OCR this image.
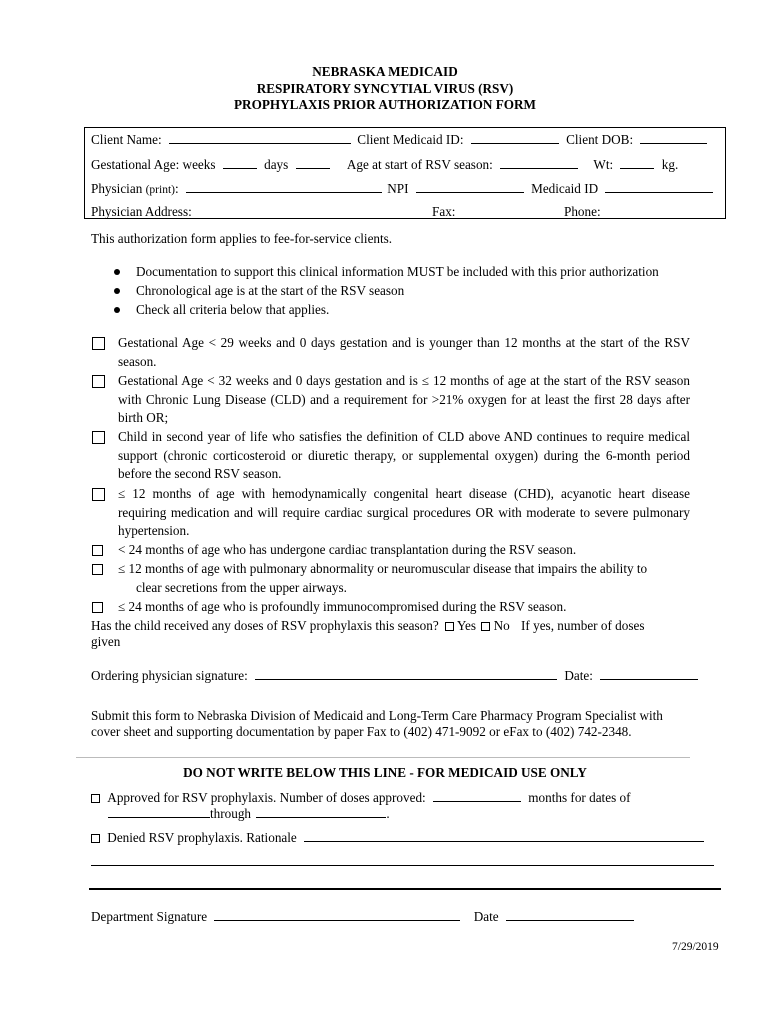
NEBRASKA MEDICAID
RESPIRATORY SYNCYTIAL VIRUS (RSV)
PROPHYLAXIS PRIOR AUTHORIZATION FORM
Client Name:	Client Medicaid ID:	Client DOB:
Gestational Age: weeks	days	Age at start of RSV season:	Wt:	kg.
Physician (print):	NPI	Medicaid ID
Physician Address:	Fax:	Phone:
This authorization form applies to fee-for-service clients.
Documentation to support this clinical information MUST be included with this prior authorization
Chronological age is at the start of the RSV season
Check all criteria below that applies.
Gestational Age < 29 weeks and 0 days gestation and is younger than 12 months at the start of the RSV season.
Gestational Age < 32 weeks and 0 days gestation and is ≤ 12 months of age at the start of the RSV season with Chronic Lung Disease (CLD) and a requirement for >21% oxygen for at least the first 28 days after birth OR;
Child in second year of life who satisfies the definition of CLD above AND continues to require medical support (chronic corticosteroid or diuretic therapy, or supplemental oxygen) during the 6-month period before the second RSV season.
≤ 12 months of age with hemodynamically congenital heart disease (CHD), acyanotic heart disease requiring medication and will require cardiac surgical procedures OR with moderate to severe pulmonary hypertension.
< 24 months of age who has undergone cardiac transplantation during the RSV season.
≤ 12 months of age with pulmonary abnormality or neuromuscular disease that impairs the ability to
clear secretions from the upper airways.
≤ 24 months of age who is profoundly immunocompromised during the RSV season.
Has the child received any doses of RSV prophylaxis this season? Yes No If yes, number of doses
given
Ordering physician signature:	Date:
Submit this form to Nebraska Division of Medicaid and Long-Term Care Pharmacy Program Specialist with
cover sheet and supporting documentation by paper Fax to (402) 471-9092 or eFax to (402) 742-2348.
DO NOT WRITE BELOW THIS LINE - FOR MEDICAID USE ONLY
Approved for RSV prophylaxis. Number of doses approved:	months for dates of
through	.
Denied RSV prophylaxis. Rationale
Department Signature	Date
7/29/2019
